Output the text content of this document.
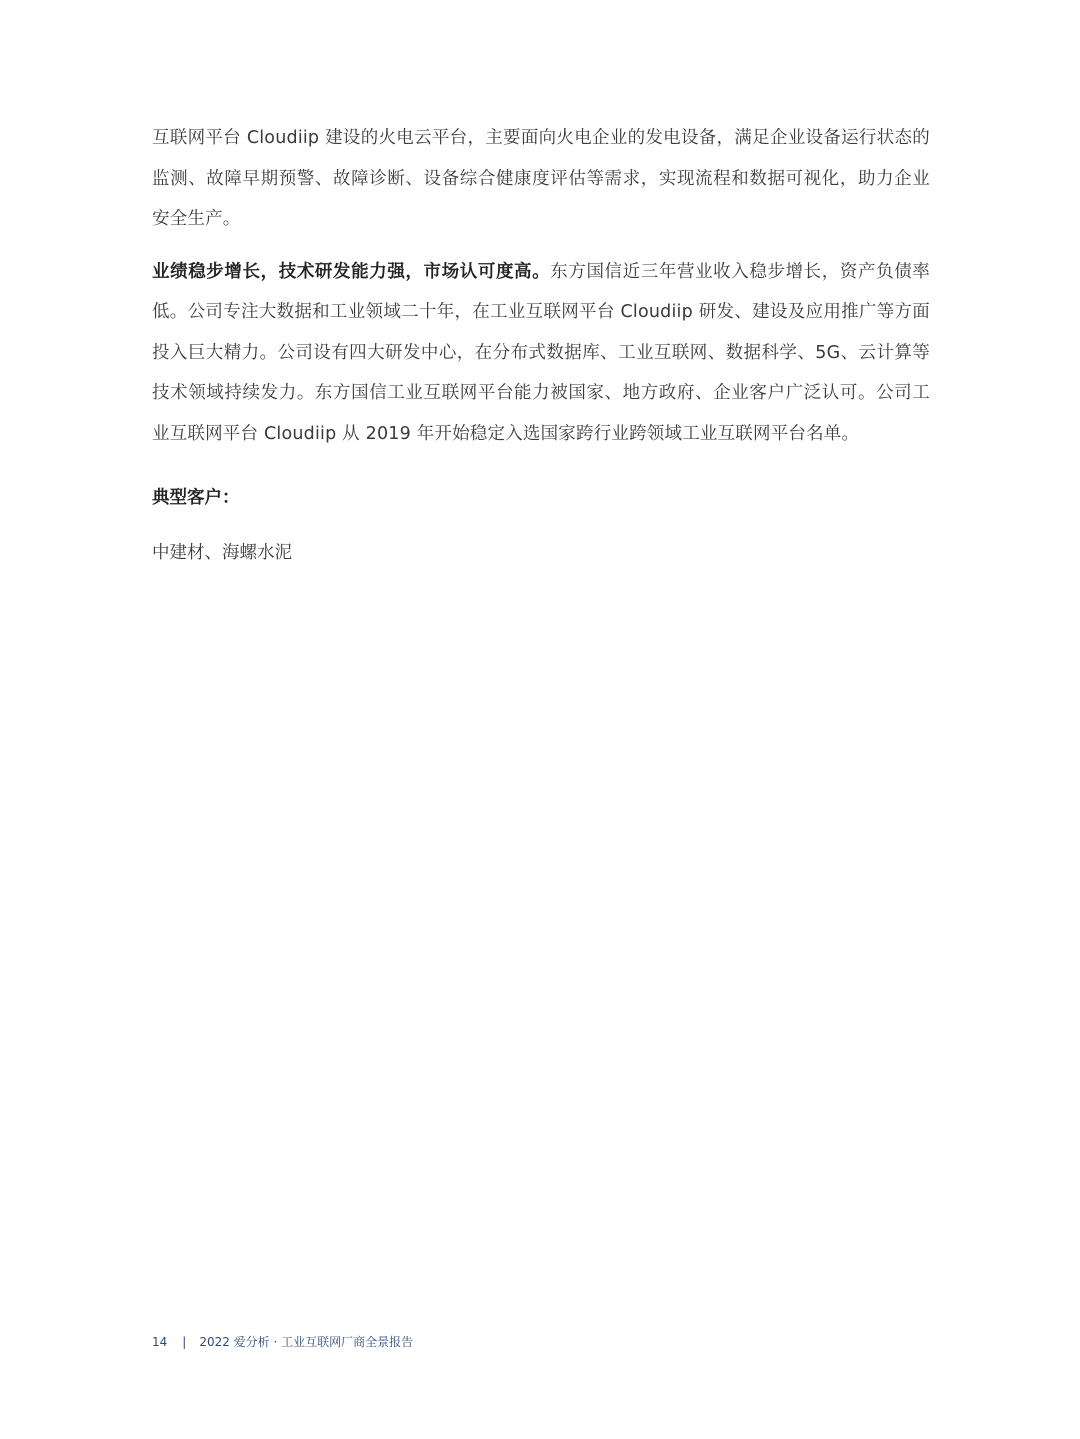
互联网平台 Cloudiip 建设的火电云平台，主要面向火电企业的发电设备，满足企业设备运行状态的监测、故障早期预警、故障诊断、设备综合健康度评估等需求，实现流程和数据可视化，助力企业安全生产。

业绩稳步增长，技术研发能力强，市场认可度高。东方国信近三年营业收入稳步增长，资产负债率低。公司专注大数据和工业领域二十年，在工业互联网平台 Cloudiip 研发、建设及应用推广等方面投入巨大精力。公司设有四大研发中心，在分布式数据库、工业互联网、数据科学、5G、云计算等技术领域持续发力。东方国信工业互联网平台能力被国家、地方政府、企业客户广泛认可。公司工业互联网平台 Cloudiip 从 2019 年开始稳定入选国家跨行业跨领域工业互联网平台名单。

典型客户：

中建材、海螺水泥

14 | 2022 爱分析 · 工业互联网厂商全景报告
